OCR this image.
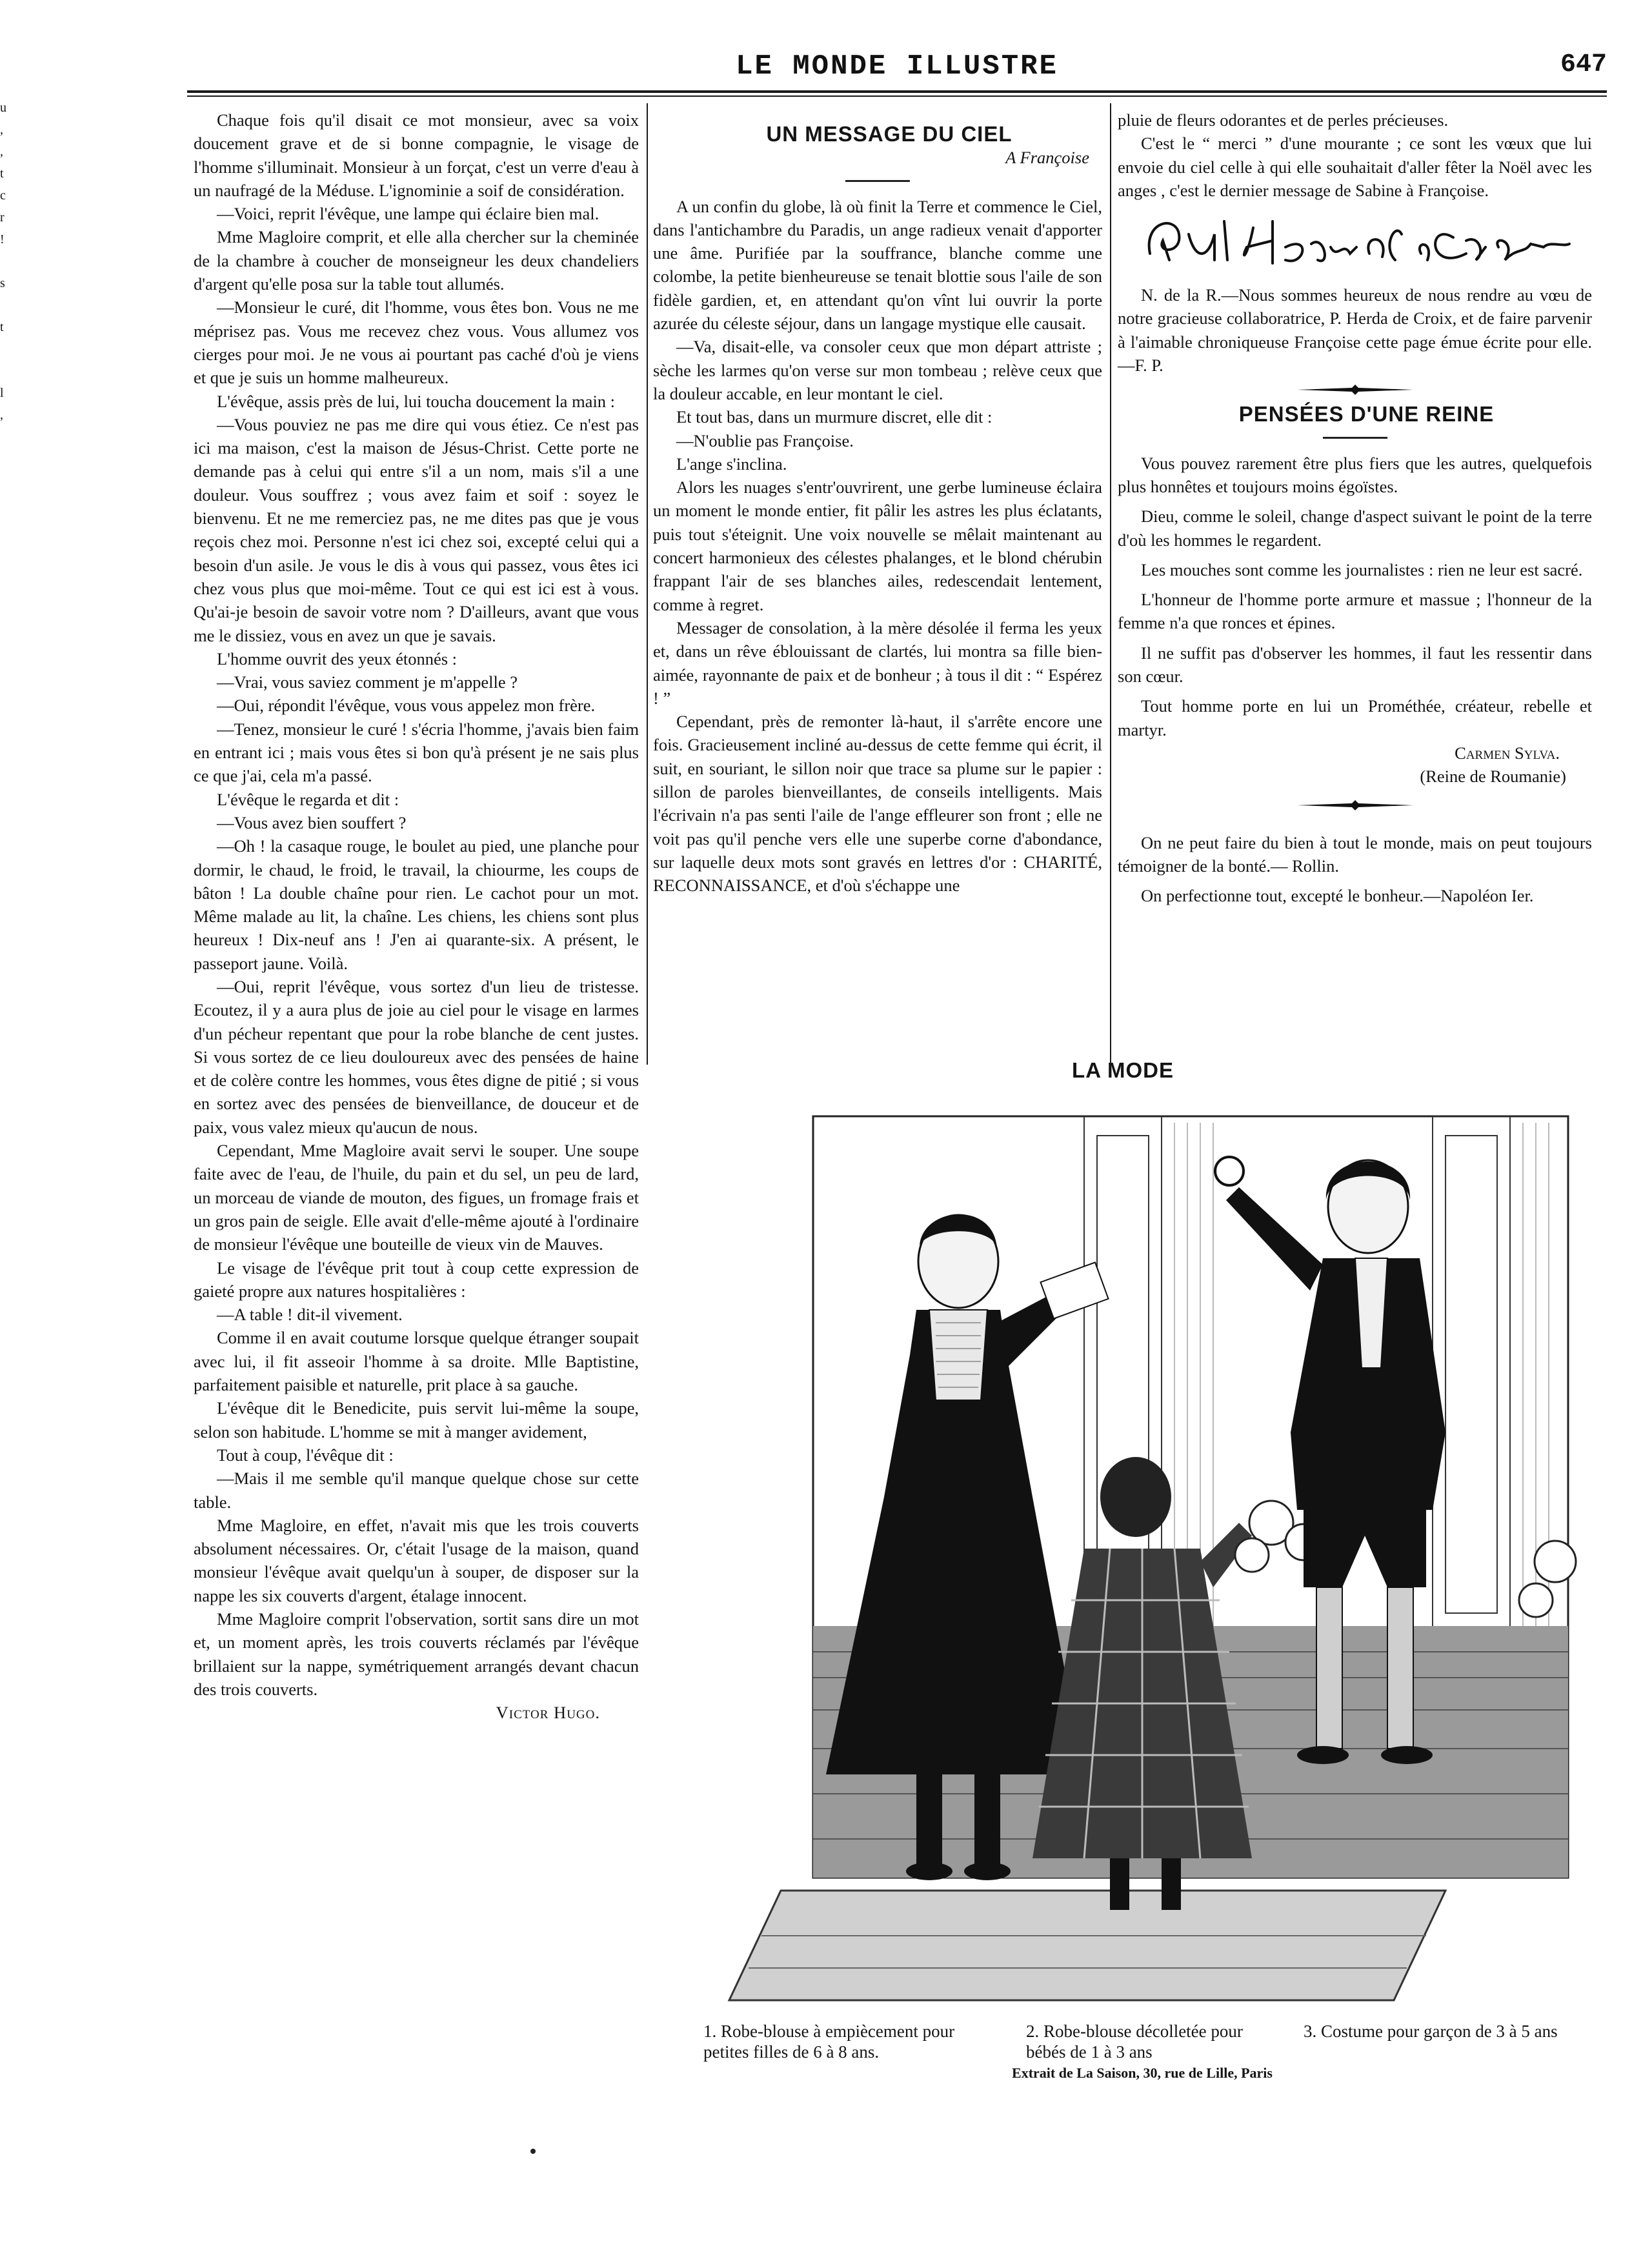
LE MONDE ILLUSTRE	647
u
,
,
t
c
r
!

s

t

l
,

Chaque fois qu'il disait ce mot monsieur, avec sa voix doucement grave et de si bonne compagnie, le visage de l'homme s'illuminait. Monsieur à un forçat, c'est un verre d'eau à un naufragé de la Méduse. L'ignominie a soif de considération.

—Voici, reprit l'évêque, une lampe qui éclaire bien mal.

Mme Magloire comprit, et elle alla chercher sur la cheminée de la chambre à coucher de monseigneur les deux chandeliers d'argent qu'elle posa sur la table tout allumés.

—Monsieur le curé, dit l'homme, vous êtes bon. Vous ne me méprisez pas. Vous me recevez chez vous. Vous allumez vos cierges pour moi. Je ne vous ai pourtant pas caché d'où je viens et que je suis un homme malheureux.

L'évêque, assis près de lui, lui toucha doucement la main :

—Vous pouviez ne pas me dire qui vous étiez. Ce n'est pas ici ma maison, c'est la maison de Jésus-Christ. Cette porte ne demande pas à celui qui entre s'il a un nom, mais s'il a une douleur. Vous souffrez ; vous avez faim et soif : soyez le bienvenu. Et ne me remerciez pas, ne me dites pas que je vous reçois chez moi. Personne n'est ici chez soi, excepté celui qui a besoin d'un asile. Je vous le dis à vous qui passez, vous êtes ici chez vous plus que moi-même. Tout ce qui est ici est à vous. Qu'ai-je besoin de savoir votre nom ? D'ailleurs, avant que vous me le dissiez, vous en avez un que je savais.

L'homme ouvrit des yeux étonnés :

—Vrai, vous saviez comment je m'appelle ?

—Oui, répondit l'évêque, vous vous appelez mon frère.

—Tenez, monsieur le curé ! s'écria l'homme, j'avais bien faim en entrant ici ; mais vous êtes si bon qu'à présent je ne sais plus ce que j'ai, cela m'a passé.

L'évêque le regarda et dit :

—Vous avez bien souffert ?

—Oh ! la casaque rouge, le boulet au pied, une planche pour dormir, le chaud, le froid, le travail, la chiourme, les coups de bâton ! La double chaîne pour rien. Le cachot pour un mot. Même malade au lit, la chaîne. Les chiens, les chiens sont plus heureux ! Dix-neuf ans ! J'en ai quarante-six. A présent, le passeport jaune. Voilà.

—Oui, reprit l'évêque, vous sortez d'un lieu de tristesse. Ecoutez, il y a aura plus de joie au ciel pour le visage en larmes d'un pécheur repentant que pour la robe blanche de cent justes. Si vous sortez de ce lieu douloureux avec des pensées de haine et de colère contre les hommes, vous êtes digne de pitié ; si vous en sortez avec des pensées de bienveillance, de douceur et de paix, vous valez mieux qu'aucun de nous.

Cependant, Mme Magloire avait servi le souper. Une soupe faite avec de l'eau, de l'huile, du pain et du sel, un peu de lard, un morceau de viande de mouton, des figues, un fromage frais et un gros pain de seigle. Elle avait d'elle-même ajouté à l'ordinaire de monsieur l'évêque une bouteille de vieux vin de Mauves.

Le visage de l'évêque prit tout à coup cette expression de gaieté propre aux natures hospitalières :

—A table ! dit-il vivement.

Comme il en avait coutume lorsque quelque étranger soupait avec lui, il fit asseoir l'homme à sa droite. Mlle Baptistine, parfaitement paisible et naturelle, prit place à sa gauche.

L'évêque dit le Benedicite, puis servit lui-même la soupe, selon son habitude. L'homme se mit à manger avidement,

Tout à coup, l'évêque dit :

—Mais il me semble qu'il manque quelque chose sur cette table.

Mme Magloire, en effet, n'avait mis que les trois couverts absolument nécessaires. Or, c'était l'usage de la maison, quand monsieur l'évêque avait quelqu'un à souper, de disposer sur la nappe les six couverts d'argent, étalage innocent.

Mme Magloire comprit l'observation, sortit sans dire un mot et, un moment après, les trois couverts réclamés par l'évêque brillaient sur la nappe, symétriquement arrangés devant chacun des trois couverts.

Victor Hugo.

UN MESSAGE DU CIEL

A Françoise

A un confin du globe, là où finit la Terre et commence le Ciel, dans l'antichambre du Paradis, un ange radieux venait d'apporter une âme. Purifiée par la souffrance, blanche comme une colombe, la petite bienheureuse se tenait blottie sous l'aile de son fidèle gardien, et, en attendant qu'on vînt lui ouvrir la porte azurée du céleste séjour, dans un langage mystique elle causait.

—Va, disait-elle, va consoler ceux que mon départ attriste ; sèche les larmes qu'on verse sur mon tombeau ; relève ceux que la douleur accable, en leur montant le ciel.

Et tout bas, dans un murmure discret, elle dit :

—N'oublie pas Françoise.

L'ange s'inclina.

Alors les nuages s'entr'ouvrirent, une gerbe lumineuse éclaira un moment le monde entier, fit pâlir les astres les plus éclatants, puis tout s'éteignit. Une voix nouvelle se mêlait maintenant au concert harmonieux des célestes phalanges, et le blond chérubin frappant l'air de ses blanches ailes, redescendait lentement, comme à regret.

Messager de consolation, à la mère désolée il ferma les yeux et, dans un rêve éblouissant de clartés, lui montra sa fille bien-aimée, rayonnante de paix et de bonheur ; à tous il dit : “ Espérez ! ”

Cependant, près de remonter là-haut, il s'arrête encore une fois. Gracieusement incliné au-dessus de cette femme qui écrit, il suit, en souriant, le sillon noir que trace sa plume sur le papier : sillon de paroles bienveillantes, de conseils intelligents. Mais l'écrivain n'a pas senti l'aile de l'ange effleurer son front ; elle ne voit pas qu'il penche vers elle une superbe corne d'abondance, sur laquelle deux mots sont gravés en lettres d'or : CHARITÉ, RECONNAISSANCE, et d'où s'échappe une

pluie de fleurs odorantes et de perles précieuses.

C'est le “ merci ” d'une mourante ; ce sont les vœux que lui envoie du ciel celle à qui elle souhaitait d'aller fêter la Noël avec les anges , c'est le dernier message de Sabine à Françoise.

N. de la R.—Nous sommes heureux de nous rendre au vœu de notre gracieuse collaboratrice, P. Herda de Croix, et de faire parvenir à l'aimable chroniqueuse Françoise cette page émue écrite pour elle.—F. P.

PENSÉES D'UNE REINE

Vous pouvez rarement être plus fiers que les autres, quelquefois plus honnêtes et toujours moins égoïstes.

Dieu, comme le soleil, change d'aspect suivant le point de la terre d'où les hommes le regardent.

Les mouches sont comme les journalistes : rien ne leur est sacré.

L'honneur de l'homme porte armure et massue ; l'honneur de la femme n'a que ronces et épines.

Il ne suffit pas d'observer les hommes, il faut les ressentir dans son cœur.

Tout homme porte en lui un Prométhée, créateur, rebelle et martyr.

Carmen Sylva.

(Reine de Roumanie)

On ne peut faire du bien à tout le monde, mais on peut toujours témoigner de la bonté.— Rollin.

On perfectionne tout, excepté le bonheur.—Napoléon Ier.

LA MODE
1. Robe-blouse à empiècement pour petites filles de 6 à 8 ans.
2. Robe-blouse décolletée pour bébés de 1 à 3 ans
3. Costume pour garçon de 3 à 5 ans
Extrait de La Saison, 30, rue de Lille, Paris
